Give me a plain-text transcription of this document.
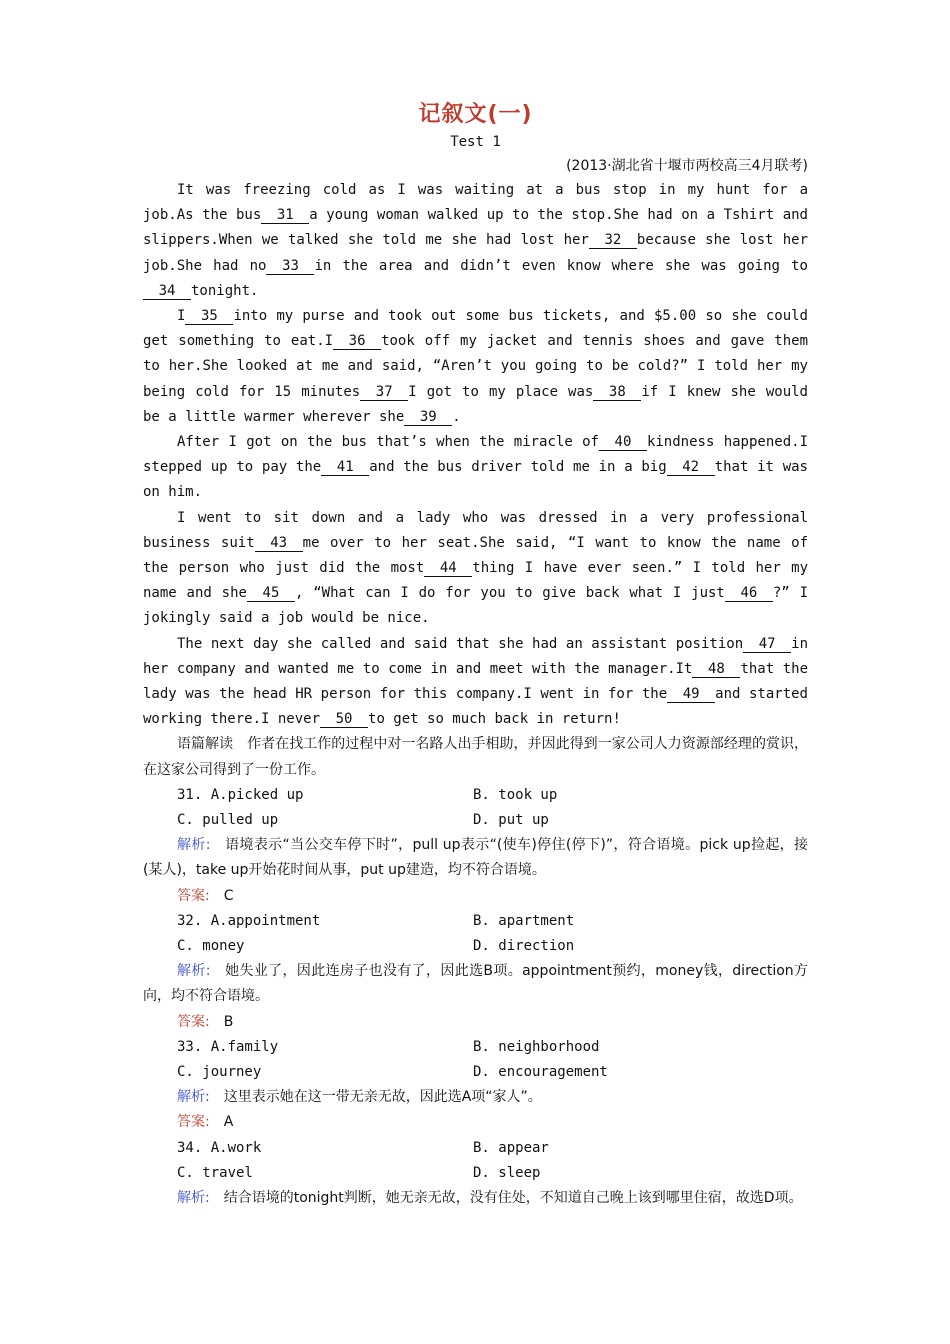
记叙文(一)
Test 1
(2013·湖北省十堰市两校高三4月联考)

It was freezing cold as I was waiting at a bus stop in my hunt for a job.As the bus 31 a young woman walked up to the stop.She had on a Tshirt and slippers.When we talked she told me she had lost her 32 because she lost her job.She had no 33 in the area and didn’t even know where she was going to34 tonight.

I 35 into my purse and took out some bus tickets, and $5.00 so she could get something to eat.I 36 took off my jacket and tennis shoes and gave them to her.She looked at me and said, “Aren’t you going to be cold?” I told her my being cold for 15 minutes 37 I got to my place was 38 if I knew she would be a little warmer wherever she 39 .

After I got on the bus that’s when the miracle of 40 kindness happened.I stepped up to pay the 41 and the bus driver told me in a big 42 that it was on him.

I went to sit down and a lady who was dressed in a very professional business suit 43 me over to her seat.She said, “I want to know the name of the person who just did the most 44 thing I have ever seen.” I told her my name and she 45 , “What can I do for you to give back what I just 46 ?” I jokingly said a job would be nice.

The next day she called and said that she had an assistant position 47 in her company and wanted me to come in and meet with the manager.It 48 that the lady was the head HR person for this company.I went in for the 49 and started working there.I never 50 to get so much back in return!

语篇解读　 作者在找工作的过程中对一名路人出手相助，并因此得到一家公司人力资源部经理的赏识，在这家公司得到了一份工作。

31. A.picked up	B. took up
C. pulled up	D. put up

解析:　 语境表示“当公交车停下时”，pull up表示“(使车)停住(停下)”，符合语境。pick up捡起，接(某人)，take up开始花时间从事，put up建造，均不符合语境。

答案:　 C

32. A.appointment	B. apartment
C. money	D. direction

解析:　 她失业了，因此连房子也没有了，因此选B项。appointment预约，money钱，direction方向，均不符合语境。

答案:　 B

33. A.family	B. neighborhood
C. journey	D. encouragement

解析:　 这里表示她在这一带无亲无故，因此选A项“家人”。

答案:　 A

34. A.work	B. appear
C. travel	D. sleep

解析:　 结合语境的tonight判断，她无亲无故，没有住处，不知道自己晚上该到哪里住宿，故选D项。
